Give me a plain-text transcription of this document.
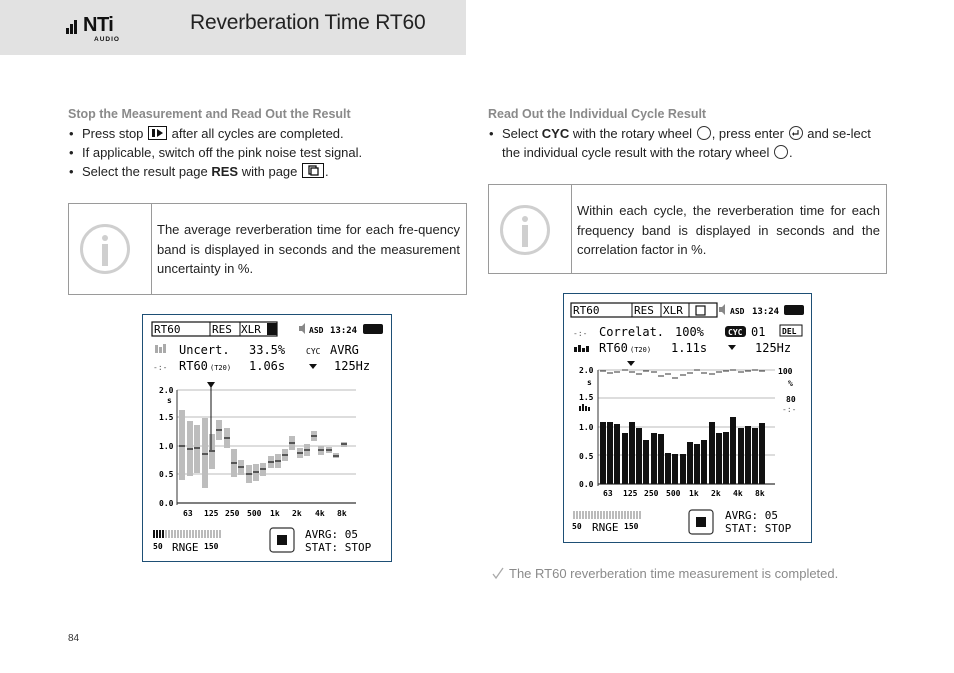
NTi
AUDIO
Reverberation Time RT60
Stop the Measurement and Read Out the Result
• Press stop after all cycles are completed.
• If applicable, switch off the pink noise test signal.
• Select the result page RES with page .
The average reverberation time for each fre-quency band is displayed in seconds and the measurement uncertainty in %.
Read Out the Individual Cycle Result
• Select CYC with the rotary wheel , press enter and se-lect the individual cycle result with the rotary wheel .
Within each cycle, the reverberation time for each frequency band is displayed in seconds and the correlation factor in %.
RT60	RES XLR	ASD 13:24
Uncert. 33.5%	CYC AVRG
-:- RT60 (T20) 1.06s	125Hz
2.0
s
1.5
1.0
0.5
0.0
63 125 250 500 1k 2k 4k 8k
50 RNGE 150
AVRG: 05
STAT: STOP
RT60	RES XLR	ASD 13:24
-:- Correlat. 100%	CYC 01 DEL
RT60 (T20) 1.11s	125Hz
2.0
s
1.5
1.0
0.5
0.0
100
%
80
-:-
63 125 250 500 1k 2k 4k 8k
50 RNGE 150
AVRG: 05
STAT: STOP
The RT60 reverberation time measurement is completed.
84
